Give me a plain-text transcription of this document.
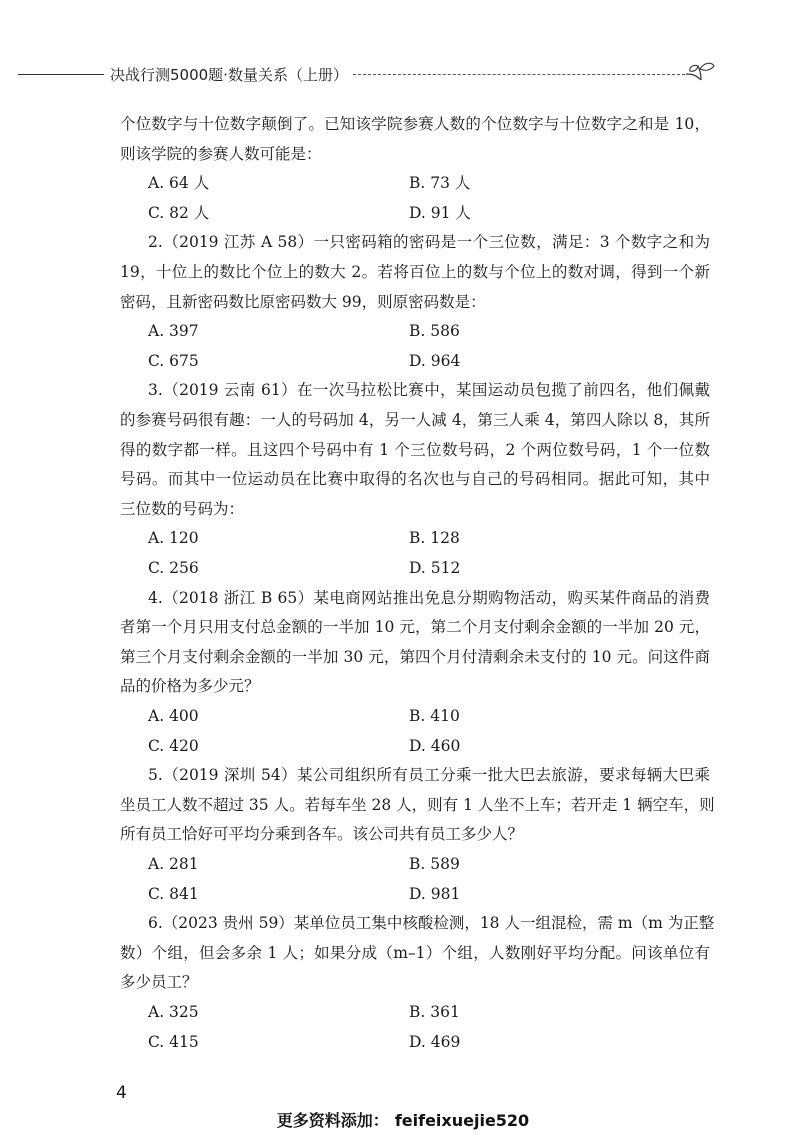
决战行测5000题·数量关系（上册）
个位数字与十位数字颠倒了。已知该学院参赛人数的个位数字与十位数字之和是 10，
则该学院的参赛人数可能是：
A. 64 人	B. 73 人
C. 82 人	D. 91 人
2.（2019 江苏 A 58）一只密码箱的密码是一个三位数，满足：3 个数字之和为
19，十位上的数比个位上的数大 2。若将百位上的数与个位上的数对调，得到一个新
密码，且新密码数比原密码数大 99，则原密码数是：
A. 397	B. 586
C. 675	D. 964
3.（2019 云南 61）在一次马拉松比赛中，某国运动员包揽了前四名，他们佩戴
的参赛号码很有趣：一人的号码加 4，另一人减 4，第三人乘 4，第四人除以 8，其所
得的数字都一样。且这四个号码中有 1 个三位数号码，2 个两位数号码，1 个一位数
号码。而其中一位运动员在比赛中取得的名次也与自己的号码相同。据此可知，其中
三位数的号码为：
A. 120	B. 128
C. 256	D. 512
4.（2018 浙江 B 65）某电商网站推出免息分期购物活动，购买某件商品的消费
者第一个月只用支付总金额的一半加 10 元，第二个月支付剩余金额的一半加 20 元，
第三个月支付剩余金额的一半加 30 元，第四个月付清剩余未支付的 10 元。问这件商
品的价格为多少元？
A. 400	B. 410
C. 420	D. 460
5.（2019 深圳 54）某公司组织所有员工分乘一批大巴去旅游，要求每辆大巴乘
坐员工人数不超过 35 人。若每车坐 28 人，则有 1 人坐不上车；若开走 1 辆空车，则
所有员工恰好可平均分乘到各车。该公司共有员工多少人？
A. 281	B. 589
C. 841	D. 981
6.（2023 贵州 59）某单位员工集中核酸检测，18 人一组混检，需 m（m 为正整
数）个组，但会多余 1 人；如果分成（m–1）个组，人数刚好平均分配。问该单位有
多少员工？
A. 325	B. 361
C. 415	D. 469
4
更多资料添加： feifeixuejie520
